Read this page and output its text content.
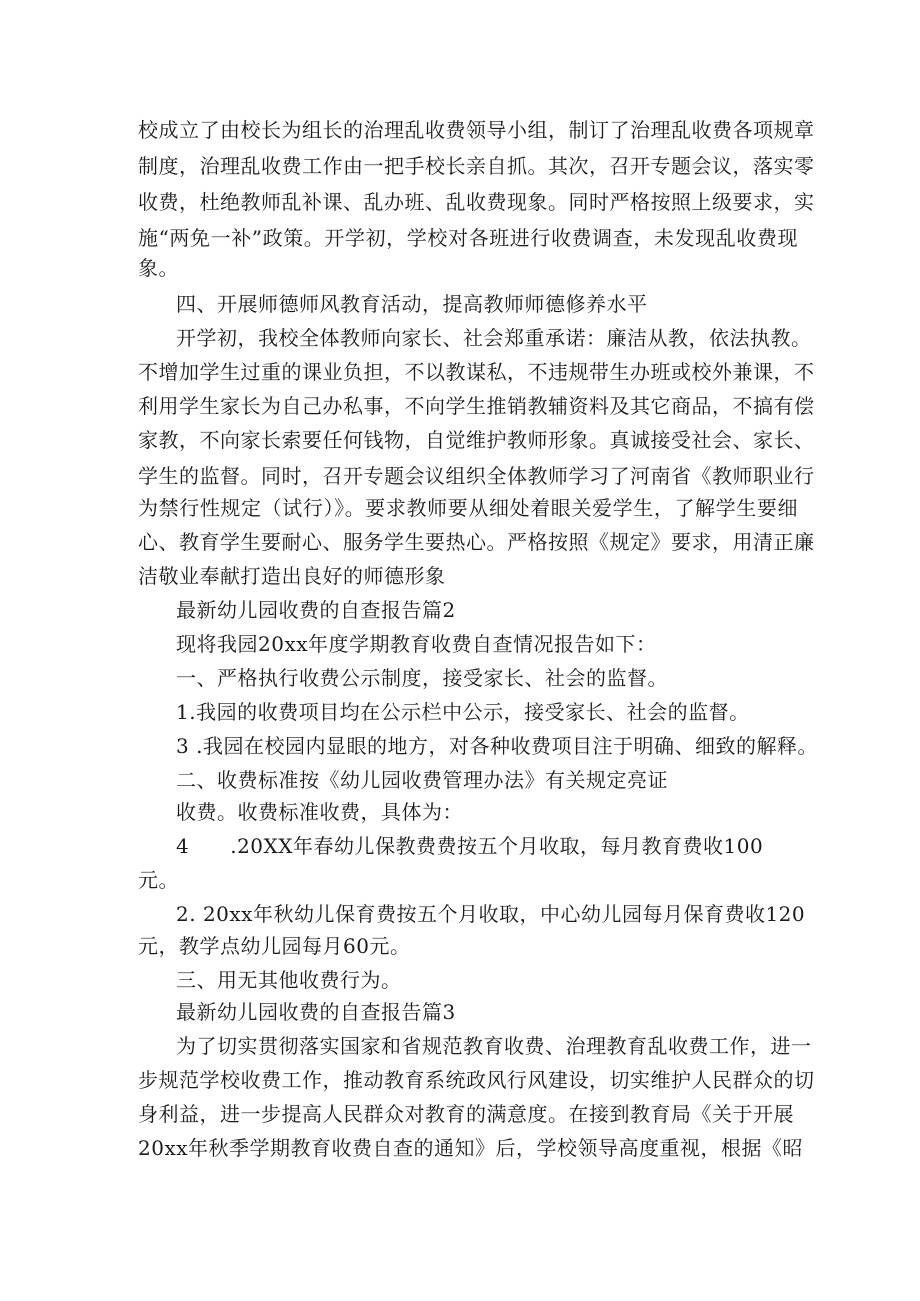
校成立了由校长为组长的治理乱收费领导小组，制订了治理乱收费各项规章
制度，治理乱收费工作由一把手校长亲自抓。其次，召开专题会议，落实零
收费，杜绝教师乱补课、乱办班、乱收费现象。同时严格按照上级要求，实
施“两免一补”政策。开学初，学校对各班进行收费调查，未发现乱收费现
象。
四、开展师德师风教育活动，提高教师师德修养水平
开学初，我校全体教师向家长、社会郑重承诺：廉洁从教，依法执教。
不增加学生过重的课业负担，不以教谋私，不违规带生办班或校外兼课，不
利用学生家长为自己办私事，不向学生推销教辅资料及其它商品，不搞有偿
家教，不向家长索要任何钱物，自觉维护教师形象。真诚接受社会、家长、
学生的监督。同时，召开专题会议组织全体教师学习了河南省《教师职业行
为禁行性规定（试行）》。要求教师要从细处着眼关爱学生，了解学生要细
心、教育学生要耐心、服务学生要热心。严格按照《规定》要求，用清正廉
洁敬业奉献打造出良好的师德形象
最新幼儿园收费的自查报告篇2
现将我园20xx年度学期教育收费自查情况报告如下：
一、严格执行收费公示制度，接受家长、社会的监督。
1.我园的收费项目均在公示栏中公示，接受家长、社会的监督。
3 .我园在校园内显眼的地方，对各种收费项目注于明确、细致的解释。
二、收费标准按《幼儿园收费管理办法》有关规定亮证
收费。收费标准收费，具体为：
4　　.20XX年春幼儿保教费费按五个月收取，每月教育费收100
元。
2. 20xx年秋幼儿保育费按五个月收取，中心幼儿园每月保育费收120
元，教学点幼儿园每月60元。
三、用无其他收费行为。
最新幼儿园收费的自查报告篇3
为了切实贯彻落实国家和省规范教育收费、治理教育乱收费工作，进一
步规范学校收费工作，推动教育系统政风行风建设，切实维护人民群众的切
身利益，进一步提高人民群众对教育的满意度。在接到教育局《关于开展
20xx年秋季学期教育收费自查的通知》后，学校领导高度重视，根据《昭
